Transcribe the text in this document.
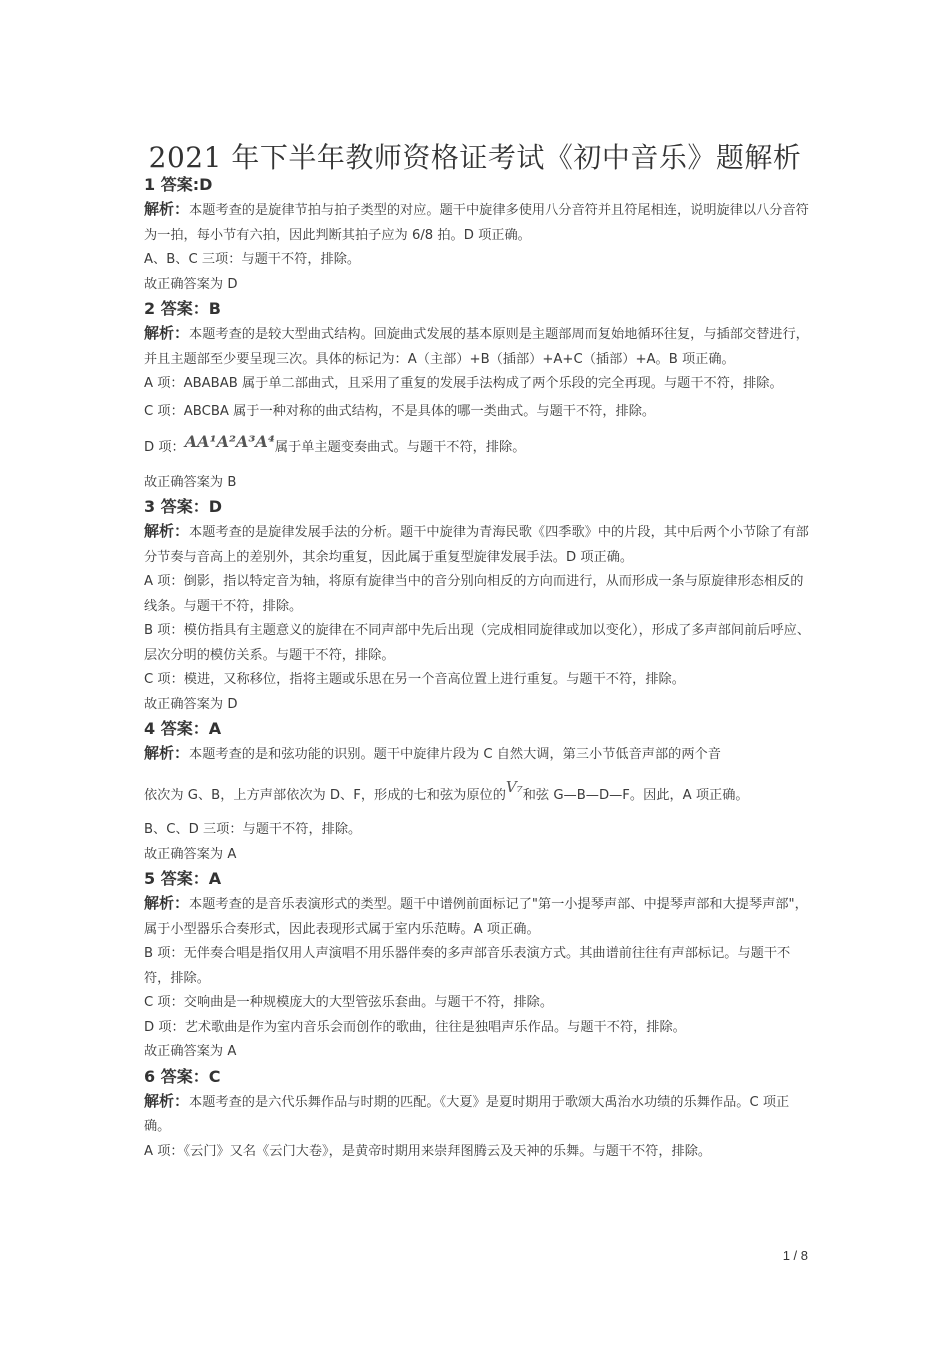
2021 年下半年教师资格证考试《初中音乐》题解析
1 答案:D
解析：本题考查的是旋律节拍与拍子类型的对应。题干中旋律多使用八分音符并且符尾相连，说明旋律以八分音符为一拍，每小节有六拍，因此判断其拍子应为 6/8 拍。D 项正确。
A、B、C 三项：与题干不符，排除。
故正确答案为 D
2 答案：B
解析：本题考查的是较大型曲式结构。回旋曲式发展的基本原则是主题部周而复始地循环往复，与插部交替进行，并且主题部至少要呈现三次。具体的标记为：A（主部）+B（插部）+A+C（插部）+A。B 项正确。
A 项：ABABAB 属于单二部曲式，且采用了重复的发展手法构成了两个乐段的完全再现。与题干不符，排除。
C 项：ABCBA 属于一种对称的曲式结构，不是具体的哪一类曲式。与题干不符，排除。
D 项：AA¹A²A³A⁴属于单主题变奏曲式。与题干不符，排除。
故正确答案为 B
3 答案：D
解析：本题考查的是旋律发展手法的分析。题干中旋律为青海民歌《四季歌》中的片段，其中后两个小节除了有部分节奏与音高上的差别外，其余均重复，因此属于重复型旋律发展手法。D 项正确。
A 项：倒影，指以特定音为轴，将原有旋律当中的音分别向相反的方向而进行，从而形成一条与原旋律形态相反的线条。与题干不符，排除。
B 项：模仿指具有主题意义的旋律在不同声部中先后出现（完成相同旋律或加以变化），形成了多声部间前后呼应、层次分明的模仿关系。与题干不符，排除。
C 项：模进，又称移位，指将主题或乐思在另一个音高位置上进行重复。与题干不符，排除。
故正确答案为 D
4 答案：A
解析：本题考查的是和弦功能的识别。题干中旋律片段为 C 自然大调，第三小节低音声部的两个音
依次为 G、B，上方声部依次为 D、F，形成的七和弦为原位的V₇和弦 G—B—D—F。因此，A 项正确。
B、C、D 三项：与题干不符，排除。
故正确答案为 A
5 答案：A
解析：本题考查的是音乐表演形式的类型。题干中谱例前面标记了"第一小提琴声部、中提琴声部和大提琴声部"，属于小型器乐合奏形式，因此表现形式属于室内乐范畴。A 项正确。
B 项：无伴奏合唱是指仅用人声演唱不用乐器伴奏的多声部音乐表演方式。其曲谱前往往有声部标记。与题干不符，排除。
C 项：交响曲是一种规模庞大的大型管弦乐套曲。与题干不符，排除。
D 项：艺术歌曲是作为室内音乐会而创作的歌曲，往往是独唱声乐作品。与题干不符，排除。
故正确答案为 A
6 答案：C
解析：本题考查的是六代乐舞作品与时期的匹配。《大夏》是夏时期用于歌颂大禹治水功绩的乐舞作品。C 项正确。
A 项：《云门》又名《云门大卷》，是黄帝时期用来崇拜图腾云及天神的乐舞。与题干不符，排除。
1 / 8
